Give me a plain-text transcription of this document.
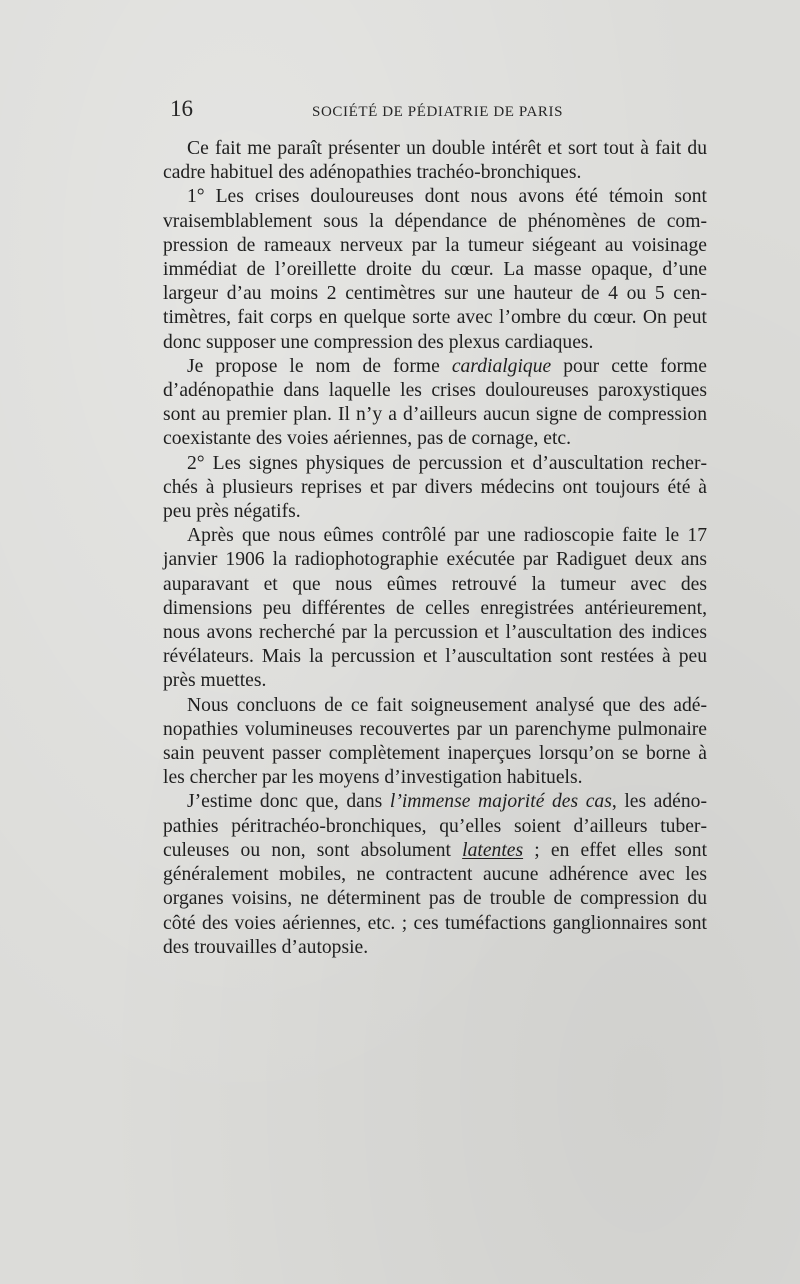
16	SOCIÉTÉ DE PÉDIATRIE DE PARIS

Ce fait me paraît présenter un double intérêt et sort tout à fait du cadre habituel des adénopathies trachéo-bronchiques.

1° Les crises douloureuses dont nous avons été témoin sont vraisemblablement sous la dépendance de phénomènes de compression de rameaux nerveux par la tumeur siégeant au voisinage immédiat de l’oreillette droite du cœur. La masse opaque, d’une largeur d’au moins 2 centimètres sur une hauteur de 4 ou 5 centimètres, fait corps en quelque sorte avec l’ombre du cœur. On peut donc supposer une compression des plexus cardiaques.

Je propose le nom de forme cardialgique pour cette forme d’adénopathie dans laquelle les crises douloureuses paroxystiques sont au premier plan. Il n’y a d’ailleurs aucun signe de compression coexistante des voies aériennes, pas de cornage, etc.

2° Les signes physiques de percussion et d’auscultation recherchés à plusieurs reprises et par divers médecins ont toujours été à peu près négatifs.

Après que nous eûmes contrôlé par une radioscopie faite le 17 janvier 1906 la radiophotographie exécutée par Radiguet deux ans auparavant et que nous eûmes retrouvé la tumeur avec des dimensions peu différentes de celles enregistrées antérieurement, nous avons recherché par la percussion et l’auscultation des indices révélateurs. Mais la percussion et l’auscultation sont restées à peu près muettes.

Nous concluons de ce fait soigneusement analysé que des adénopathies volumineuses recouvertes par un parenchyme pulmonaire sain peuvent passer complètement inaperçues lorsqu’on se borne à les chercher par les moyens d’investigation habituels.

J’estime donc que, dans l’immense majorité des cas, les adénopathies péritrachéo-bronchiques, qu’elles soient d’ailleurs tuberculeuses ou non, sont absolument latentes ; en effet elles sont généralement mobiles, ne contractent aucune adhérence avec les organes voisins, ne déterminent pas de trouble de compression du côté des voies aériennes, etc. ; ces tuméfactions ganglionnaires sont des trouvailles d’autopsie.
